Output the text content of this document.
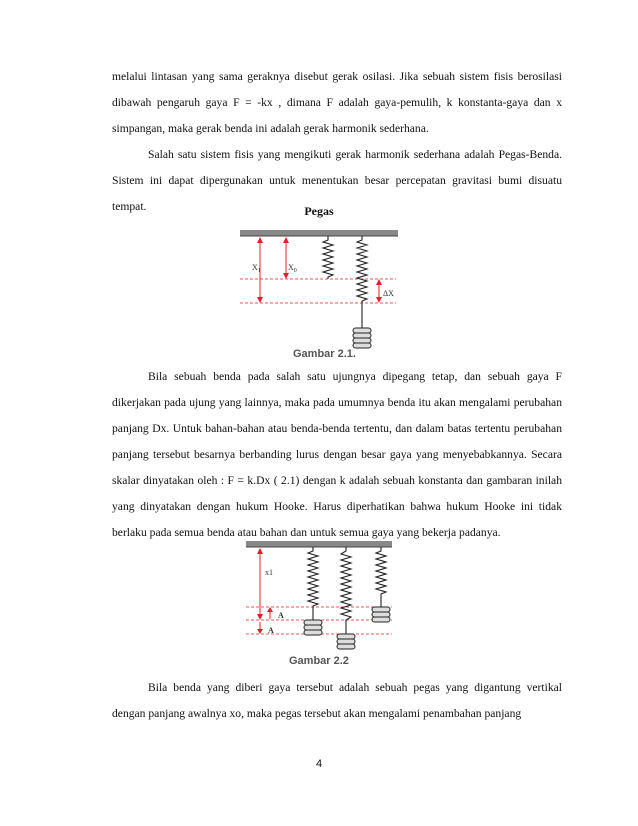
melalui lintasan yang sama geraknya disebut gerak osilasi. Jika sebuah sistem fisis berosilasi dibawah pengaruh gaya F = -kx , dimana F adalah gaya-pemulih, k konstanta-gaya dan x simpangan, maka gerak benda ini adalah gerak harmonik sederhana.

Salah satu sistem fisis yang mengikuti gerak harmonik sederhana adalah Pegas-Benda. Sistem ini dapat dipergunakan untuk menentukan besar percepatan gravitasi bumi disuatu tempat.	Pegas
$X_1$	$X_0$
ΔX
Gambar 2.1.

Bila sebuah benda pada salah satu ujungnya dipegang tetap, dan sebuah gaya F dikerjakan pada ujung yang lainnya, maka pada umumnya benda itu akan mengalami perubahan panjang Dx. Untuk bahan-bahan atau benda-benda tertentu, dan dalam batas tertentu perubahan panjang tersebut besarnya berbanding lurus dengan besar gaya yang menyebabkannya. Secara skalar dinyatakan oleh : F = k.Dx ( 2.1) dengan k adalah sebuah konstanta dan gambaran inilah yang dinyatakan dengan hukum Hooke. Harus diperhatikan bahwa hukum Hooke ini tidak berlaku pada semua benda atau bahan dan untuk semua gaya yang bekerja padanya.

x1
A
A
Gambar 2.2

Bila benda yang diberi gaya tersebut adalah sebuah pegas yang digantung vertikal dengan panjang awalnya xo, maka pegas tersebut akan mengalami penambahan panjang

4
